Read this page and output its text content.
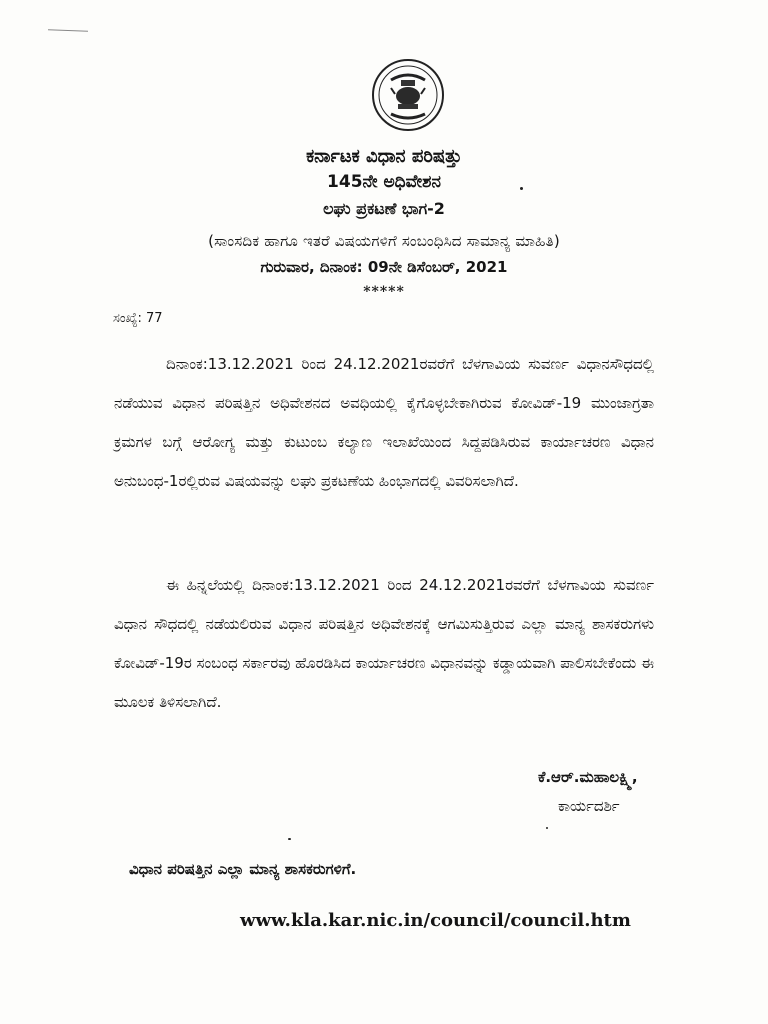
ಕರ್ನಾಟಕ ವಿಧಾನ ಪರಿಷತ್ತು
145ನೇ ಅಧಿವೇಶನ
ಲಘು ಪ್ರಕಟಣೆ ಭಾಗ-2
(ಸಾಂಸದಿಕ ಹಾಗೂ ಇತರೆ ವಿಷಯಗಳಿಗೆ ಸಂಬಂಧಿಸಿದ ಸಾಮಾನ್ಯ ಮಾಹಿತಿ)
ಗುರುವಾರ, ದಿನಾಂಕ: 09ನೇ ಡಿಸೆಂಬರ್, 2021
*****
ಸಂಖ್ಯೆ: 77

ದಿನಾಂಕ:13.12.2021 ರಿಂದ 24.12.2021ರವರೆಗೆ ಬೆಳಗಾವಿಯ ಸುವರ್ಣ ವಿಧಾನಸೌಧದಲ್ಲಿ ನಡೆಯುವ ವಿಧಾನ ಪರಿಷತ್ತಿನ ಅಧಿವೇಶನದ ಅವಧಿಯಲ್ಲಿ ಕೈಗೊಳ್ಳಬೇಕಾಗಿರುವ ಕೋವಿಡ್-19 ಮುಂಜಾಗ್ರತಾ ಕ್ರಮಗಳ ಬಗ್ಗೆ ಆರೋಗ್ಯ ಮತ್ತು ಕುಟುಂಬ ಕಲ್ಯಾಣ ಇಲಾಖೆಯಿಂದ ಸಿದ್ದಪಡಿಸಿರುವ ಕಾರ್ಯಾಚರಣ ವಿಧಾನ ಅನುಬಂಧ-1ರಲ್ಲಿರುವ ವಿಷಯವನ್ನು ಲಘು ಪ್ರಕಟಣೆಯ ಹಿಂಭಾಗದಲ್ಲಿ ವಿವರಿಸಲಾಗಿದೆ.

ಈ ಹಿನ್ನಲೆಯಲ್ಲಿ ದಿನಾಂಕ:13.12.2021 ರಿಂದ 24.12.2021ರವರೆಗೆ ಬೆಳಗಾವಿಯ ಸುವರ್ಣ ವಿಧಾನ ಸೌಧದಲ್ಲಿ ನಡೆಯಲಿರುವ ವಿಧಾನ ಪರಿಷತ್ತಿನ ಅಧಿವೇಶನಕ್ಕೆ ಆಗಮಿಸುತ್ತಿರುವ ಎಲ್ಲಾ ಮಾನ್ಯ ಶಾಸಕರುಗಳು ಕೋವಿಡ್-19ರ ಸಂಬಂಧ ಸರ್ಕಾರವು ಹೊರಡಿಸಿದ ಕಾರ್ಯಾಚರಣ ವಿಧಾನವನ್ನು ಕಡ್ಡಾಯವಾಗಿ ಪಾಲಿಸಬೇಕೆಂದು ಈ ಮೂಲಕ ತಿಳಿಸಲಾಗಿದೆ.

ಕೆ.ಆರ್.ಮಹಾಲಕ್ಷ್ಮಿ,
ಕಾರ್ಯದರ್ಶಿ
ವಿಧಾನ ಪರಿಷತ್ತಿನ ಎಲ್ಲಾ ಮಾನ್ಯ ಶಾಸಕರುಗಳಿಗೆ.
www.kla.kar.nic.in/council/council.htm
